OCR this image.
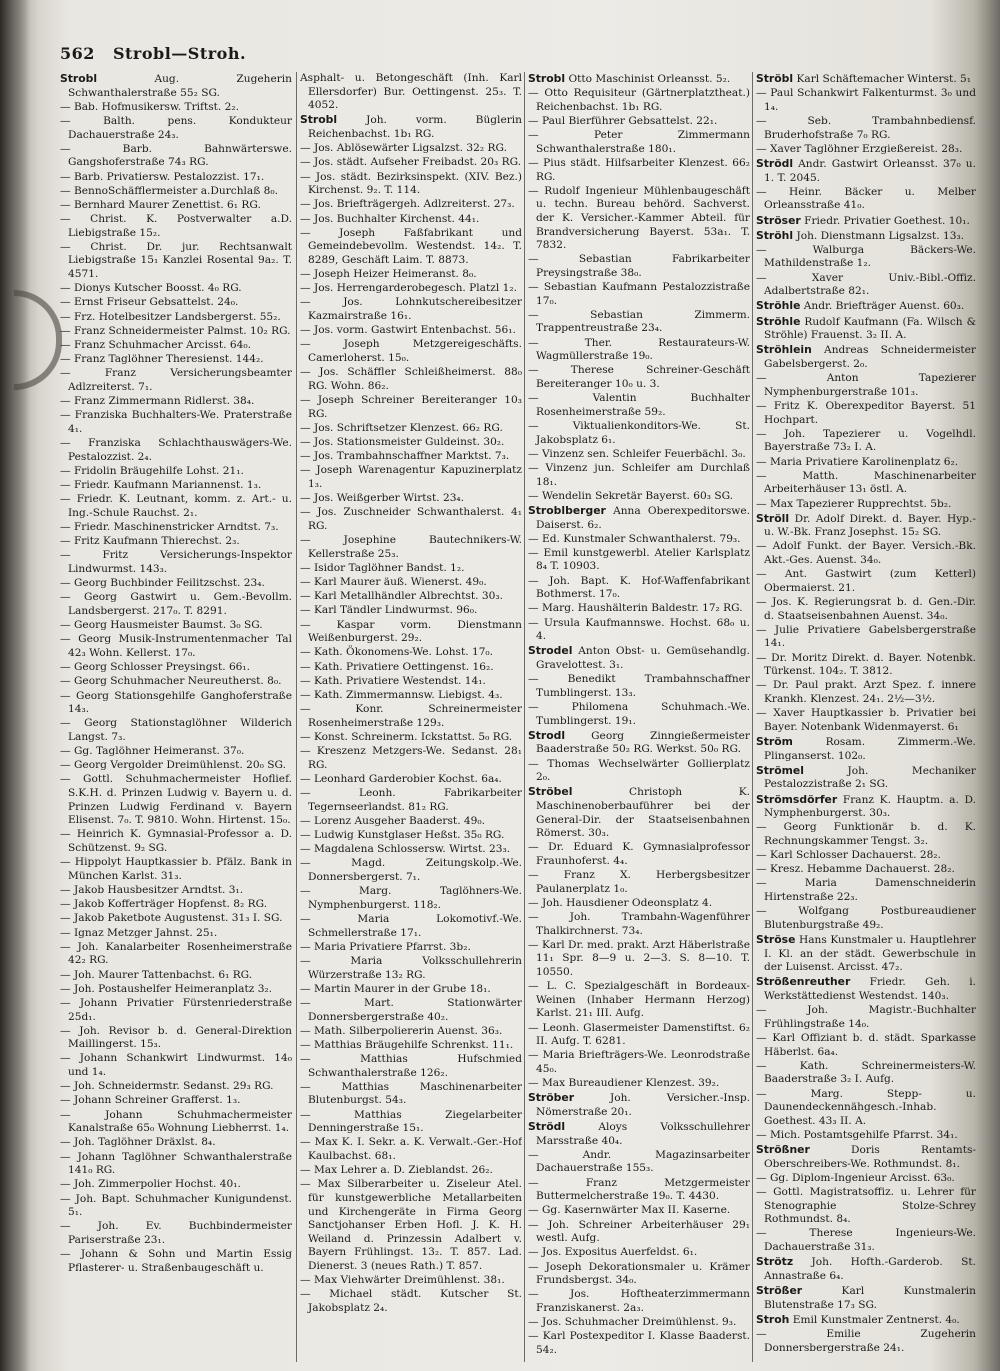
562 Strobl—Stroh.
Strobl Aug. Zugeherin Schwanthalerstraße 55₂ SG.
— Bab. Hofmusikersw. Triftst. 2₂.
— Balth. pens. Kondukteur Dachauerstraße 24₃.
— Barb. Bahnwärterswe. Gangshoferstraße 74₃ RG.
— Barb. Privatiersw. Pestalozzist. 17₁.
— BennoSchäfflermeister a.Durchlaß 8₀.
— Bernhard Maurer Zenettist. 6₁ RG.
— Christ. K. Postverwalter a.D. Liebigstraße 15₂.
— Christ. Dr. jur. Rechtsanwalt Liebigstraße 15₁ Kanzlei Rosental 9a₂. T. 4571.
— Dionys Kutscher Boosst. 4₀ RG.
— Ernst Friseur Gebsattelst. 24₀.
— Frz. Hotelbesitzer Landsbergerst. 55₂.
— Franz Schneidermeister Palmst. 10₂ RG.
— Franz Schuhmacher Arcisst. 64₀.
— Franz Taglöhner Theresienst. 144₂.
— Franz Versicherungsbeamter Adlzreiterst. 7₁.
— Franz Zimmermann Ridlerst. 38₄.
— Franziska Buchhalters-We. Praterstraße 4₁.
— Franziska Schlachthauswägers-We. Pestalozzist. 2₄.
— Fridolin Bräugehilfe Lohst. 21₁.
— Friedr. Kaufmann Mariannenst. 1₃.
— Friedr. K. Leutnant, komm. z. Art.- u. Ing.-Schule Rauchst. 2₁.
— Friedr. Maschinenstricker Arndtst. 7₃.
— Fritz Kaufmann Thierechst. 2₃.
— Fritz Versicherungs-Inspektor Lindwurmst. 143₃.
— Georg Buchbinder Feilitzschst. 23₄.
— Georg Gastwirt u. Gem.-Bevollm. Landsbergerst. 217₀. T. 8291.
— Georg Hausmeister Baumst. 3₀ SG.
— Georg Musik-Instrumentenmacher Tal 42₃ Wohn. Kellerst. 17₀.
— Georg Schlosser Preysingst. 66₁.
— Georg Schuhmacher Neureutherst. 8₀.
— Georg Stationsgehilfe Ganghoferstraße 14₃.
— Georg Stationstaglöhner Wilderich Langst. 7₃.
— Gg. Taglöhner Heimeranst. 37₀.
— Georg Vergolder Dreimühlenst. 20₀ SG.
— Gottl. Schuhmachermeister Hoflief. S.K.H. d. Prinzen Ludwig v. Bayern u. d. Prinzen Ludwig Ferdinand v. Bayern Elisenst. 7₀. T. 9810. Wohn. Hirtenst. 15₀.
— Heinrich K. Gymnasial-Professor a. D. Schützenst. 9₂ SG.
— Hippolyt Hauptkassier b. Pfälz. Bank in München Karlst. 31₃.
— Jakob Hausbesitzer Arndtst. 3₁.
— Jakob Kofferträger Hopfenst. 8₂ RG.
— Jakob Paketbote Augustenst. 31₃ I. SG.
— Ignaz Metzger Jahnst. 25₁.
— Joh. Kanalarbeiter Rosenheimerstraße 42₂ RG.
— Joh. Maurer Tattenbachst. 6₁ RG.
— Joh. Postaushelfer Heimeranplatz 3₂.
— Johann Privatier Fürstenriederstraße 25d₁.
— Joh. Revisor b. d. General-Direktion Maillingerst. 15₃.
— Johann Schankwirt Lindwurmst. 14₀ und 1₄.
— Joh. Schneidermstr. Sedanst. 29₃ RG.
— Johann Schreiner Grafferst. 1₃.
— Johann Schuhmachermeister Kanalstraße 65₀ Wohnung Liebherrst. 1₄.
— Joh. Taglöhner Dräxlst. 8₄.
— Johann Taglöhner Schwanthalerstraße 141₀ RG.
— Joh. Zimmerpolier Hochst. 40₁.
— Joh. Bapt. Schuhmacher Kunigundenst. 5₁.
— Joh. Ev. Buchbindermeister Pariserstraße 23₁.
— Johann & Sohn und Martin Essig Pflasterer- u. Straßenbaugeschäft u.
Asphalt- u. Betongeschäft (Inh. Karl Ellersdorfer) Bur. Oettingenst. 25₃. T. 4052.
Strobl Joh. vorm. Büglerin Reichenbachst. 1b₁ RG.
— Jos. Ablösewärter Ligsalzst. 32₂ RG.
— Jos. städt. Aufseher Freibadst. 20₃ RG.
— Jos. städt. Bezirksinspekt. (XIV. Bez.) Kirchenst. 9₂. T. 114.
— Jos. Briefträgergeh. Adlzreiterst. 27₃.
— Jos. Buchhalter Kirchenst. 44₁.
— Joseph Faßfabrikant und Gemeindebevollm. Westendst. 14₂. T. 8289, Geschäft Laim. T. 8873.
— Joseph Heizer Heimeranst. 8₀.
— Jos. Herrengarderobegesch. Platzl 1₂.
— Jos. Lohnkutschereibesitzer Kazmairstraße 16₁.
— Jos. vorm. Gastwirt Entenbachst. 56₁.
— Joseph Metzgereigeschäfts. Camerloherst. 15₀.
— Jos. Schäffler Schleißheimerst. 88₀ RG. Wohn. 86₂.
— Joseph Schreiner Bereiteranger 10₃ RG.
— Jos. Schriftsetzer Klenzest. 66₂ RG.
— Jos. Stationsmeister Guldeinst. 30₂.
— Jos. Trambahnschaffner Marktst. 7₃.
— Joseph Warenagentur Kapuzinerplatz 1₃.
— Jos. Weißgerber Wirtst. 23₄.
— Jos. Zuschneider Schwanthalerst. 4₁ RG.
— Josephine Bautechnikers-W. Kellerstraße 25₃.
— Isidor Taglöhner Bandst. 1₂.
— Karl Maurer äuß. Wienerst. 49₀.
— Karl Metallhändler Albrechtst. 30₃.
— Karl Tändler Lindwurmst. 96₀.
— Kaspar vorm. Dienstmann Weißenburgerst. 29₂.
— Kath. Ökonomens-We. Lohst. 17₀.
— Kath. Privatiere Oettingenst. 16₂.
— Kath. Privatiere Westendst. 14₁.
— Kath. Zimmermannsw. Liebigst. 4₃.
— Konr. Schreinermeister Rosenheimerstraße 129₃.
— Konst. Schreinerm. Ickstattst. 5₀ RG.
— Kreszenz Metzgers-We. Sedanst. 28₁ RG.
— Leonhard Garderobier Kochst. 6a₄.
— Leonh. Fabrikarbeiter Tegernseerlandst. 81₂ RG.
— Lorenz Ausgeher Baaderst. 49₀.
— Ludwig Kunstglaser Heßst. 35₀ RG.
— Magdalena Schlossersw. Wirtst. 23₃.
— Magd. Zeitungskolp.-We. Donnersbergerst. 7₁.
— Marg. Taglöhners-We. Nymphenburgerst. 118₂.
— Maria Lokomotivf.-We. Schmellerstraße 17₁.
— Maria Privatiere Pfarrst. 3b₂.
— Maria Volksschullehrerin Würzerstraße 13₂ RG.
— Martin Maurer in der Grube 18₁.
— Mart. Stationwärter Donnersbergerstraße 40₂.
— Math. Silberpoliererin Auenst. 36₃.
— Matthias Bräugehilfe Schrenkst. 11₁.
— Matthias Hufschmied Schwanthalerstraße 126₂.
— Matthias Maschinenarbeiter Blutenburgst. 54₃.
— Matthias Ziegelarbeiter Denningerstraße 15₁.
— Max K. I. Sekr. a. K. Verwalt.-Ger.-Hof Kaulbachst. 68₁.
— Max Lehrer a. D. Zieblandst. 26₂.
— Max Silberarbeiter u. Ziseleur Atel. für kunstgewerbliche Metallarbeiten und Kirchengeräte in Firma Georg Sanctjohanser Erben Hofl. J. K. H. Weiland d. Prinzessin Adalbert v. Bayern Frühlingst. 13₂. T. 857. Lad. Dienerst. 3 (neues Rath.) T. 857.
— Max Viehwärter Dreimühlenst. 38₁.
— Michael städt. Kutscher St. Jakobsplatz 2₄.
Strobl Otto Maschinist Orleansst. 5₂.
— Otto Requisiteur (Gärtnerplatztheat.) Reichenbachst. 1b₁ RG.
— Paul Bierführer Gebsattelst. 22₁.
— Peter Zimmermann Schwanthalerstraße 180₁.
— Pius städt. Hilfsarbeiter Klenzest. 66₂ RG.
— Rudolf Ingenieur Mühlenbaugeschäft u. techn. Bureau behörd. Sachverst. der K. Versicher.-Kammer Abteil. für Brandversicherung Bayerst. 53a₁. T. 7832.
— Sebastian Fabrikarbeiter Preysingstraße 38₀.
— Sebastian Kaufmann Pestalozzistraße 17₀.
— Sebastian Zimmerm. Trappentreustraße 23₄.
— Ther. Restaurateurs-W. Wagmüllerstraße 19₀.
— Therese Schreiner-Geschäft Bereiteranger 10₀ u. 3.
— Valentin Buchhalter Rosenheimerstraße 59₂.
— Viktualienkonditors-We. St. Jakobsplatz 6₁.
— Vinzenz sen. Schleifer Feuerbächl. 3₀.
— Vinzenz jun. Schleifer am Durchlaß 18₁.
— Wendelin Sekretär Bayerst. 60₃ SG.
Stroblberger Anna Oberexpeditorswe. Daiserst. 6₂.
— Ed. Kunstmaler Schwanthalerst. 79₃.
— Emil kunstgewerbl. Atelier Karlsplatz 8₄ T. 10903.
— Joh. Bapt. K. Hof-Waffenfabrikant Bothmerst. 17₀.
— Marg. Haushälterin Baldestr. 17₂ RG.
— Ursula Kaufmannswe. Hochst. 68₀ u. 4.
Strodel Anton Obst- u. Gemüsehandlg. Gravelottest. 3₁.
— Benedikt Trambahnschaffner Tumblingerst. 13₃.
— Philomena Schuhmach.-We. Tumblingerst. 19₁.
Strodl Georg Zinngießermeister Baaderstraße 50₂ RG. Werkst. 50₀ RG.
— Thomas Wechselwärter Gollierplatz 2₀.
Ströbel Christoph K. Maschinenoberbauführer bei der General-Dir. der Staatseisenbahnen Römerst. 30₃.
— Dr. Eduard K. Gymnasialprofessor Fraunhoferst. 4₄.
— Franz X. Herbergsbesitzer Paulanerplatz 1₀.
— Joh. Hausdiener Odeonsplatz 4.
— Joh. Trambahn-Wagenführer Thalkirchnerst. 73₄.
— Karl Dr. med. prakt. Arzt Häberlstraße 11₁ Spr. 8—9 u. 2—3. S. 8—10. T. 10550.
— L. C. Spezialgeschäft in Bordeaux-Weinen (Inhaber Hermann Herzog) Karlst. 21₁ III. Aufg.
— Leonh. Glasermeister Damenstiftst. 6₂ II. Aufg. T. 6281.
— Maria Briefträgers-We. Leonrodstraße 45₀.
— Max Bureaudiener Klenzest. 39₂.
Ströber Joh. Versicher.-Insp. Nömerstraße 20₁.
Strödl Aloys Volksschullehrer Marsstraße 40₄.
— Andr. Magazinsarbeiter Dachauerstraße 155₃.
— Franz Metzgermeister Buttermelcherstraße 19₀. T. 4430.
— Gg. Kasernwärter Max II. Kaserne.
— Joh. Schreiner Arbeiterhäuser 29₁ westl. Aufg.
— Jos. Expositus Auerfeldst. 6₁.
— Joseph Dekorationsmaler u. Krämer Frundsbergst. 34₀.
— Jos. Hoftheaterzimmermann Franziskanerst. 2a₃.
— Jos. Schuhmacher Dreimühlenst. 9₃.
— Karl Postexpeditor I. Klasse Baaderst. 54₂.
Ströbl Karl Schäftemacher Winterst. 5₁
— Paul Schankwirt Falkenturmst. 3₀ und 1₄.
— Seb. Trambahnbediensf. Bruderhofstraße 7₀ RG.
— Xaver Taglöhner Erzgießereist. 28₃.
Strödl Andr. Gastwirt Orleansst. 37₀ u. 1. T. 2045.
— Heinr. Bäcker u. Melber Orleansstraße 41₀.
Ströser Friedr. Privatier Goethest. 10₁.
Ströhl Joh. Dienstmann Ligsalzst. 13₃.
— Walburga Bäckers-We. Mathildenstraße 1₂.
— Xaver Univ.-Bibl.-Offiz. Adalbertstraße 82₁.
Ströhle Andr. Briefträger Auenst. 60₃.
Ströhle Rudolf Kaufmann (Fa. Wilsch & Ströhle) Frauenst. 3₂ II. A.
Ströhlein Andreas Schneidermeister Gabelsbergerst. 2₀.
— Anton Tapezierer Nymphenburgerstraße 101₃.
— Fritz K. Oberexpeditor Bayerst. 51 Hochpart.
— Joh. Tapezierer u. Vogelhdl. Bayerstraße 73₂ I. A.
— Maria Privatiere Karolinenplatz 6₂.
— Matth. Maschinenarbeiter Arbeiterhäuser 13₁ östl. A.
— Max Tapezierer Rupprechtst. 5b₂.
Ströll Dr. Adolf Direkt. d. Bayer. Hyp.- u. W.-Bk. Franz Josephst. 15₂ SG.
— Adolf Funkt. der Bayer. Versich.-Bk. Akt.-Ges. Auenst. 34₀.
— Ant. Gastwirt (zum Ketterl) Obermaierst. 21.
— Jos. K. Regierungsrat b. d. Gen.-Dir. d. Staatseisenbahnen Auenst. 34₀.
— Julie Privatiere Gabelsbergerstraße 14₁.
— Dr. Moritz Direkt. d. Bayer. Notenbk. Türkenst. 104₂. T. 3812.
— Dr. Paul prakt. Arzt Spez. f. innere Krankh. Klenzest. 24₁. 2½—3½.
— Xaver Hauptkassier b. Privatier bei Bayer. Notenbank Widenmayerst. 6₁
Ström Rosam. Zimmerm.-We. Plinganserst. 102₀.
Strömel Joh. Mechaniker Pestalozzistraße 2₁ SG.
Strömsdörfer Franz K. Hauptm. a. D. Nymphenburgerst. 30₃.
— Georg Funktionär b. d. K. Rechnungskammer Tengst. 3₂.
— Karl Schlosser Dachauerst. 28₂.
— Kresz. Hebamme Dachauerst. 28₂.
— Maria Damenschneiderin Hirtenstraße 22₃.
— Wolfgang Postbureaudiener Blutenburgstraße 49₂.
Ströse Hans Kunstmaler u. Hauptlehrer I. Kl. an der städt. Gewerbschule in der Luisenst. Arcisst. 47₂.
Strößenreuther Friedr. Geh. i. Werkstättedienst Westendst. 140₃.
— Joh. Magistr.-Buchhalter Frühlingstraße 14₀.
— Karl Offiziant b. d. städt. Sparkasse Häberlst. 6a₄.
— Kath. Schreinermeisters-W. Baaderstraße 3₂ I. Aufg.
— Marg. Stepp- u. Daunendeckennähgesch.-Inhab. Goethest. 43₃ II. A.
— Mich. Postamtsgehilfe Pfarrst. 34₁.
Strößner Doris Rentamts-Oberschreibers-We. Rothmundst. 8₁.
— Gg. Diplom-Ingenieur Arcisst. 63₀.
— Gottl. Magistratsoffiz. u. Lehrer für Stenographie Stolze-Schrey Rothmundst. 8₄.
— Therese Ingenieurs-We. Dachauerstraße 31₃.
Strötz Joh. Hofth.-Garderob. St. Annastraße 6₄.
Strößer Karl Kunstmalerin Blutenstraße 17₃ SG.
Stroh Emil Kunstmaler Zentnerst. 4₀.
— Emilie Zugeherin Donnersbergerstraße 24₁.
